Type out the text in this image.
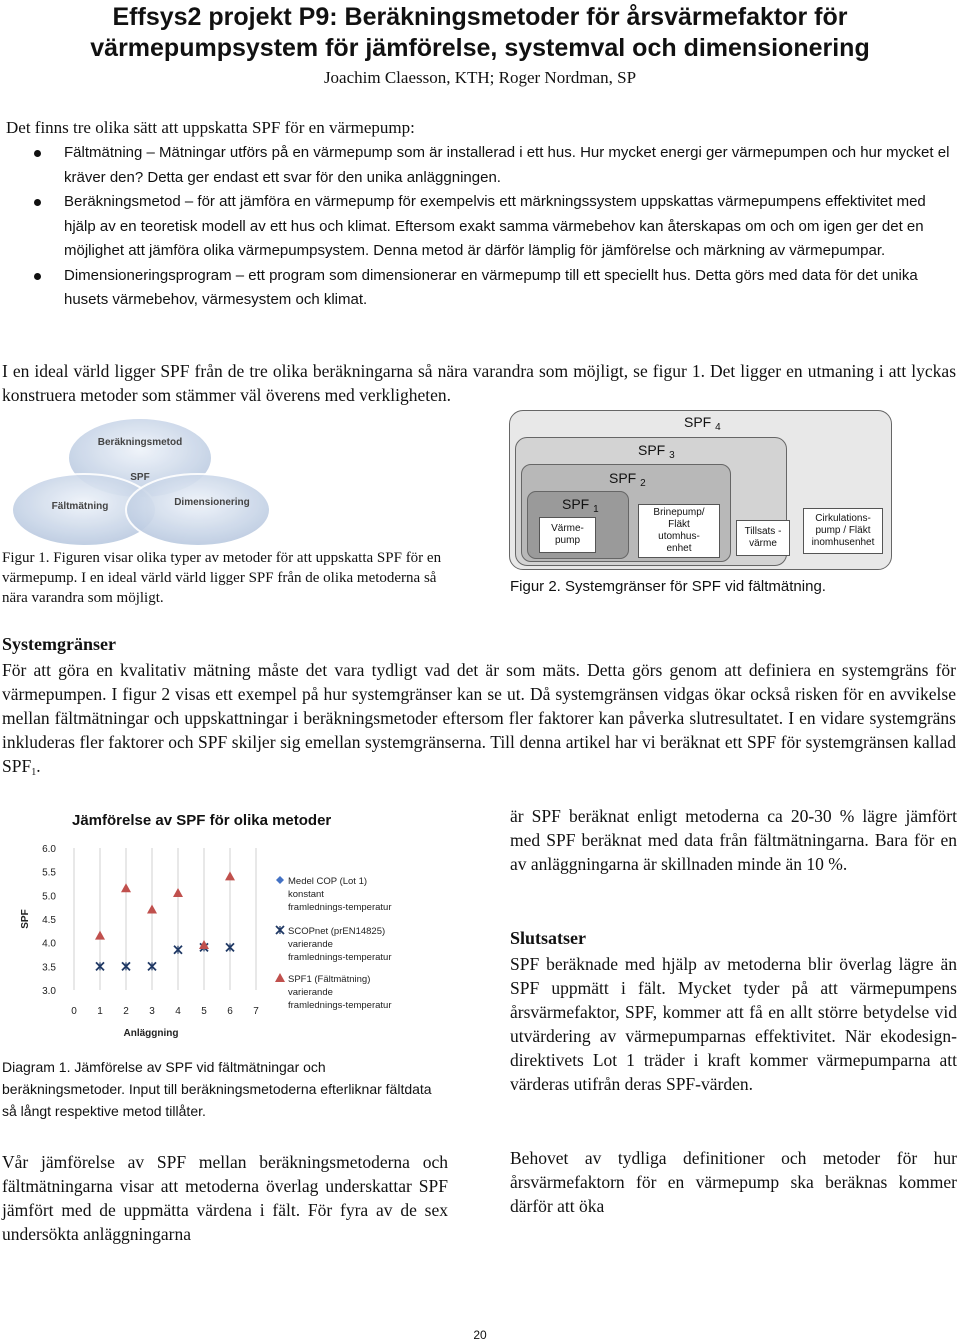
Effsys2 projekt P9: Beräkningsmetoder för årsvärmefaktor för
värmepumpsystem för jämförelse, systemval och dimensionering
Joachim Claesson, KTH; Roger Nordman, SP
Det finns tre olika sätt att uppskatta SPF för en värmepump:
Fältmätning – Mätningar utförs på en värmepump som är installerad i ett hus. Hur mycket energi ger värmepumpen och hur mycket el kräver den? Detta ger endast ett svar för den unika anläggningen.
Beräkningsmetod – för att jämföra en värmepump för exempelvis ett märkningssystem uppskattas värmepumpens effektivitet med hjälp av en teoretisk modell av ett hus och klimat. Eftersom exakt samma värmebehov kan återskapas om och om igen ger det en möjlighet att jämföra olika värmepumpsystem. Denna metod är därför lämplig för jämförelse och märkning av värmepumpar.
Dimensioneringsprogram – ett program som dimensionerar en värmepump till ett speciellt hus. Detta görs med data för det unika husets värmebehov, värmesystem och klimat.
I en ideal värld ligger SPF från de tre olika beräkningarna så nära varandra som möjligt, se figur 1. Det ligger en utmaning i att lyckas konstruera metoder som stämmer väl överens med verkligheten.
Beräkningsmetod
SPF
Fältmätning	Dimensionering
Figur 1. Figuren visar olika typer av metoder för att uppskatta SPF för en värmepump. I en ideal värld värld ligger SPF från de olika metoderna så nära varandra som möjligt.
SPF $_4$
SPF $_3$
SPF $_2$
SPF $_1$
Värme-
pump
Brinepump/
Fläkt
utomhus-
enhet
Tillsats -
värme
Cirkulations-
pump / Fläkt
inomhusenhet
Figur 2. Systemgränser för SPF vid fältmätning.
Systemgränser
För att göra en kvalitativ mätning måste det vara tydligt vad det är som mäts. Detta görs genom att definiera en systemgräns för värmepumpen. I figur 2 visas ett exempel på hur systemgränser kan se ut. Då systemgränsen vidgas ökar också risken för en avvikelse mellan fältmätningar och uppskattningar i beräkningsmetoder eftersom fler faktorer kan påverka slutresultatet. I en vidare systemgräns inkluderas fler faktorer och SPF skiljer sig emellan systemgränserna. Till denna artikel har vi beräknat ett SPF för systemgränsen kallad $SPF_1$.
Jämförelse av SPF för olika metoder
0 1 2 3 4 5 6 7
3.0
3.5
4.0
4.5
5.0
5.5
6.0
Anläggning
SPF
Medel COP (Lot 1) konstant framlednings-temperatur
SCOPnet (prEN14825) varierande framlednings-temperatur
SPF1 (Fältmätning) varierande framlednings-temperatur
Diagram 1. Jämförelse av SPF vid fältmätningar och beräkningsmetoder. Input till beräkningsmetoderna efterliknar fältdata så långt respektive metod tillåter.
Vår jämförelse av SPF mellan beräkningsmetoderna och fältmätningarna visar att metoderna överlag underskattar SPF jämfört med de uppmätta värdena i fält. För fyra av de sex undersökta anläggningarna
är SPF beräknat enligt metoderna ca 20-30 % lägre jämfört med SPF beräknat med data från fältmätningarna. Bara för en av anläggningarna är skillnaden minde än 10 %.
Slutsatser
SPF beräknade med hjälp av metoderna blir överlag lägre än SPF uppmätt i fält. Mycket tyder på att värmepumpens årsvärmefaktor, SPF, kommer att få en allt större betydelse vid utvärdering av värmepumparnas effektivitet. När ekodesign-direktivets Lot 1 träder i kraft kommer värmepumparna att värderas utifrån deras SPF-värden.
Behovet av tydliga definitioner och metoder för hur årsvärmefaktorn för en värmepump ska beräknas kommer därför att öka
20
